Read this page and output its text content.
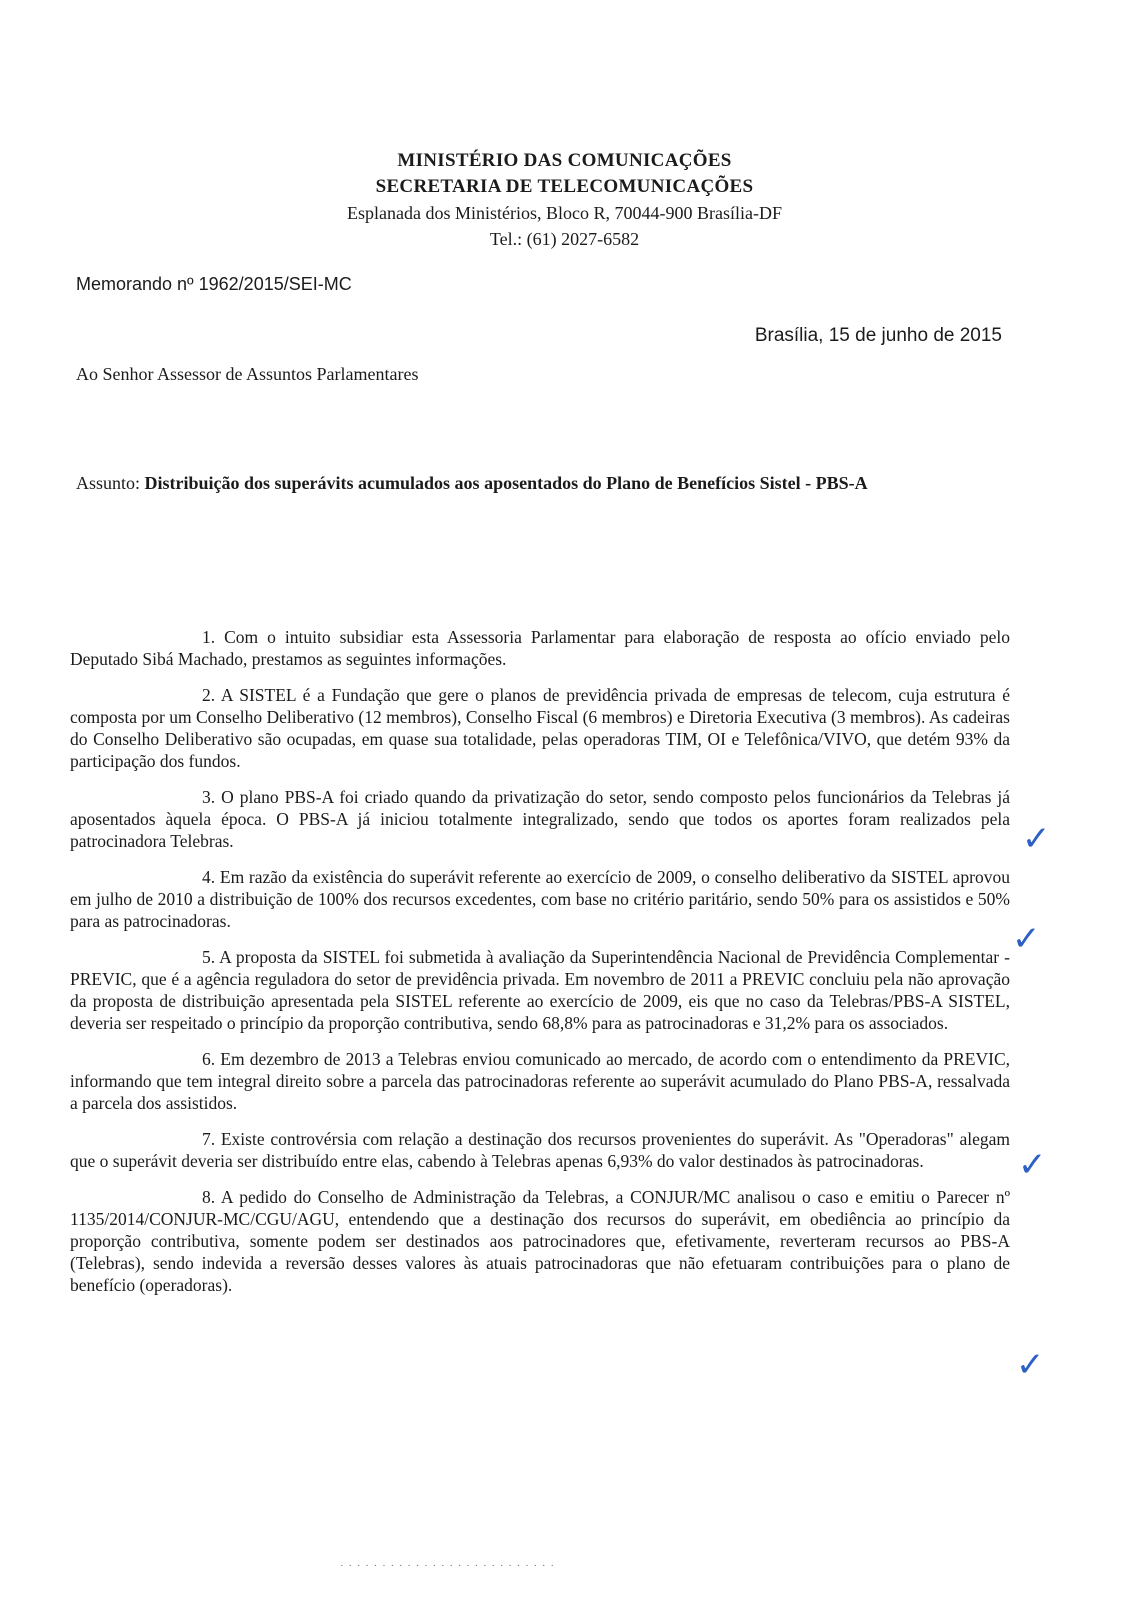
MINISTÉRIO DAS COMUNICAÇÕES
SECRETARIA DE TELECOMUNICAÇÕES
Esplanada dos Ministérios, Bloco R, 70044-900 Brasília-DF
Tel.: (61) 2027-6582
Memorando nº 1962/2015/SEI-MC
Brasília, 15 de junho de 2015
Ao Senhor Assessor de Assuntos Parlamentares
Assunto: Distribuição dos superávits acumulados aos aposentados do Plano de Benefícios Sistel - PBS-A

1. Com o intuito subsidiar esta Assessoria Parlamentar para elaboração de resposta ao ofício enviado pelo Deputado Sibá Machado, prestamos as seguintes informações.

2. A SISTEL é a Fundação que gere o planos de previdência privada de empresas de telecom, cuja estrutura é composta por um Conselho Deliberativo (12 membros), Conselho Fiscal (6 membros) e Diretoria Executiva (3 membros). As cadeiras do Conselho Deliberativo são ocupadas, em quase sua totalidade, pelas operadoras TIM, OI e Telefônica/VIVO, que detém 93% da participação dos fundos.

3. O plano PBS-A foi criado quando da privatização do setor, sendo composto pelos funcionários da Telebras já aposentados àquela época. O PBS-A já iniciou totalmente integralizado, sendo que todos os aportes foram realizados pela patrocinadora Telebras.

4. Em razão da existência do superávit referente ao exercício de 2009, o conselho deliberativo da SISTEL aprovou em julho de 2010 a distribuição de 100% dos recursos excedentes, com base no critério paritário, sendo 50% para os assistidos e 50% para as patrocinadoras.

5. A proposta da SISTEL foi submetida à avaliação da Superintendência Nacional de Previdência Complementar - PREVIC, que é a agência reguladora do setor de previdência privada. Em novembro de 2011 a PREVIC concluiu pela não aprovação da proposta de distribuição apresentada pela SISTEL referente ao exercício de 2009, eis que no caso da Telebras/PBS-A SISTEL, deveria ser respeitado o princípio da proporção contributiva, sendo 68,8% para as patrocinadoras e 31,2% para os associados.

6. Em dezembro de 2013 a Telebras enviou comunicado ao mercado, de acordo com o entendimento da PREVIC, informando que tem integral direito sobre a parcela das patrocinadoras referente ao superávit acumulado do Plano PBS-A, ressalvada a parcela dos assistidos.

7. Existe controvérsia com relação a destinação dos recursos provenientes do superávit. As "Operadoras" alegam que o superávit deveria ser distribuído entre elas, cabendo à Telebras apenas 6,93% do valor destinados às patrocinadoras.

8. A pedido do Conselho de Administração da Telebras, a CONJUR/MC analisou o caso e emitiu o Parecer nº 1135/2014/CONJUR-MC/CGU/AGU, entendendo que a destinação dos recursos do superávit, em obediência ao princípio da proporção contributiva, somente podem ser destinados aos patrocinadores que, efetivamente, reverteram recursos ao PBS-A (Telebras), sendo indevida a reversão desses valores às atuais patrocinadoras que não efetuaram contribuições para o plano de benefício (operadoras).

✓
✓
✓
✓
· · · · · · · · · · · · · · · · · · · · · · · · · ·
